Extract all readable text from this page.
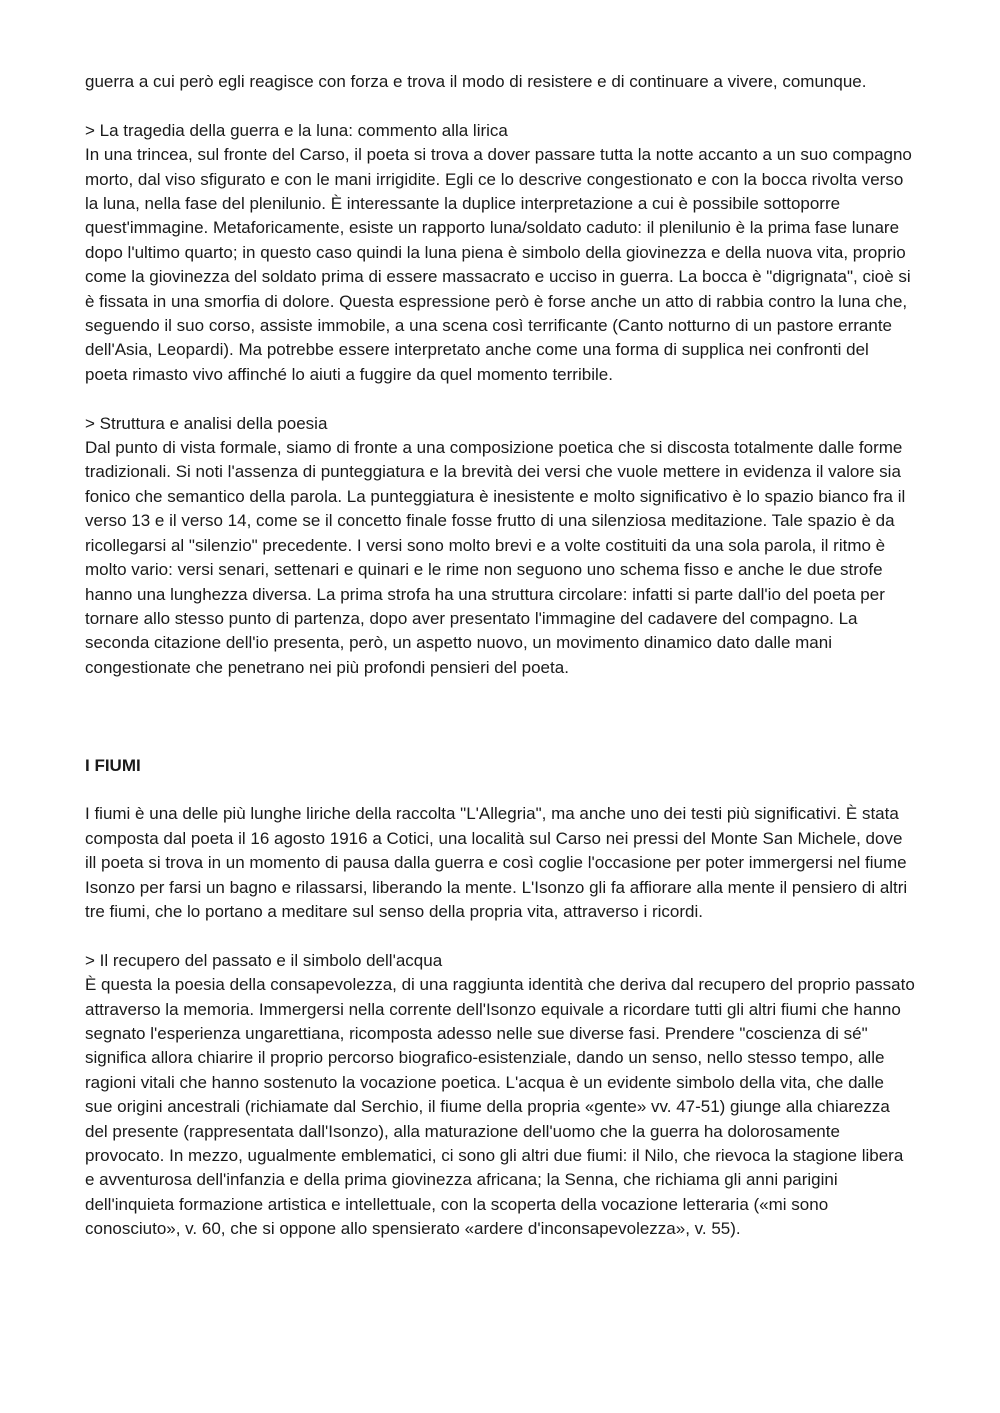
guerra a cui però egli reagisce con forza e trova il modo di resistere e di continuare a vivere, comunque.

> La tragedia della guerra e la luna: commento alla lirica

In una trincea, sul fronte del Carso, il poeta si trova a dover passare tutta la notte accanto a un suo compagno morto, dal viso sfigurato e con le mani irrigidite. Egli ce lo descrive congestionato e con la bocca rivolta verso la luna, nella fase del plenilunio. È interessante la duplice interpretazione a cui è possibile sottoporre quest'immagine. Metaforicamente, esiste un rapporto luna/soldato caduto: il plenilunio è la prima fase lunare dopo l'ultimo quarto; in questo caso quindi la luna piena è simbolo della giovinezza e della nuova vita, proprio come la giovinezza del soldato prima di essere massacrato e ucciso in guerra. La bocca è "digrignata", cioè si è fissata in una smorfia di dolore. Questa espressione però è forse anche un atto di rabbia contro la luna che, seguendo il suo corso, assiste immobile, a una scena così terrificante (Canto notturno di un pastore errante dell'Asia, Leopardi). Ma potrebbe essere interpretato anche come una forma di supplica nei confronti del poeta rimasto vivo affinché lo aiuti a fuggire da quel momento terribile.

> Struttura e analisi della poesia

Dal punto di vista formale, siamo di fronte a una composizione poetica che si discosta totalmente dalle forme tradizionali. Si noti l'assenza di punteggiatura e la brevità dei versi che vuole mettere in evidenza il valore sia fonico che semantico della parola. La punteggiatura è inesistente e molto significativo è lo spazio bianco fra il verso 13 e il verso 14, come se il concetto finale fosse frutto di una silenziosa meditazione. Tale spazio è da ricollegarsi al "silenzio" precedente. I versi sono molto brevi e a volte costituiti da una sola parola, il ritmo è molto vario: versi senari, settenari e quinari e le rime non seguono uno schema fisso e anche le due strofe hanno una lunghezza diversa. La prima strofa ha una struttura circolare: infatti si parte dall'io del poeta per tornare allo stesso punto di partenza, dopo aver presentato l'immagine del cadavere del compagno. La seconda citazione dell'io presenta, però, un aspetto nuovo, un movimento dinamico dato dalle mani congestionate che penetrano nei più profondi pensieri del poeta.

I FIUMI

I fiumi è una delle più lunghe liriche della raccolta "L'Allegria", ma anche uno dei testi più significativi. È stata composta dal poeta il 16 agosto 1916 a Cotici, una località sul Carso nei pressi del Monte San Michele, dove ill poeta si trova in un momento di pausa dalla guerra e così coglie l'occasione per poter immergersi nel fiume Isonzo per farsi un bagno e rilassarsi, liberando la mente. L'Isonzo gli fa affiorare alla mente il pensiero di altri tre fiumi, che lo portano a meditare sul senso della propria vita, attraverso i ricordi.

> Il recupero del passato e il simbolo dell'acqua

È questa la poesia della consapevolezza, di una raggiunta identità che deriva dal recupero del proprio passato attraverso la memoria. Immergersi nella corrente dell'Isonzo equivale a ricordare tutti gli altri fiumi che hanno segnato l'esperienza ungarettiana, ricomposta adesso nelle sue diverse fasi. Prendere "coscienza di sé" significa allora chiarire il proprio percorso biografico-esistenziale, dando un senso, nello stesso tempo, alle ragioni vitali che hanno sostenuto la vocazione poetica. L'acqua è un evidente simbolo della vita, che dalle sue origini ancestrali (richiamate dal Serchio, il fiume della propria «gente» vv. 47-51) giunge alla chiarezza del presente (rappresentata dall'Isonzo), alla maturazione dell'uomo che la guerra ha dolorosamente provocato. In mezzo, ugualmente emblematici, ci sono gli altri due fiumi: il Nilo, che rievoca la stagione libera e avventurosa dell'infanzia e della prima giovinezza africana; la Senna, che richiama gli anni parigini dell'inquieta formazione artistica e intellettuale, con la scoperta della vocazione letteraria («mi sono conosciuto», v. 60, che si oppone allo spensierato «ardere d'inconsapevolezza», v. 55).
